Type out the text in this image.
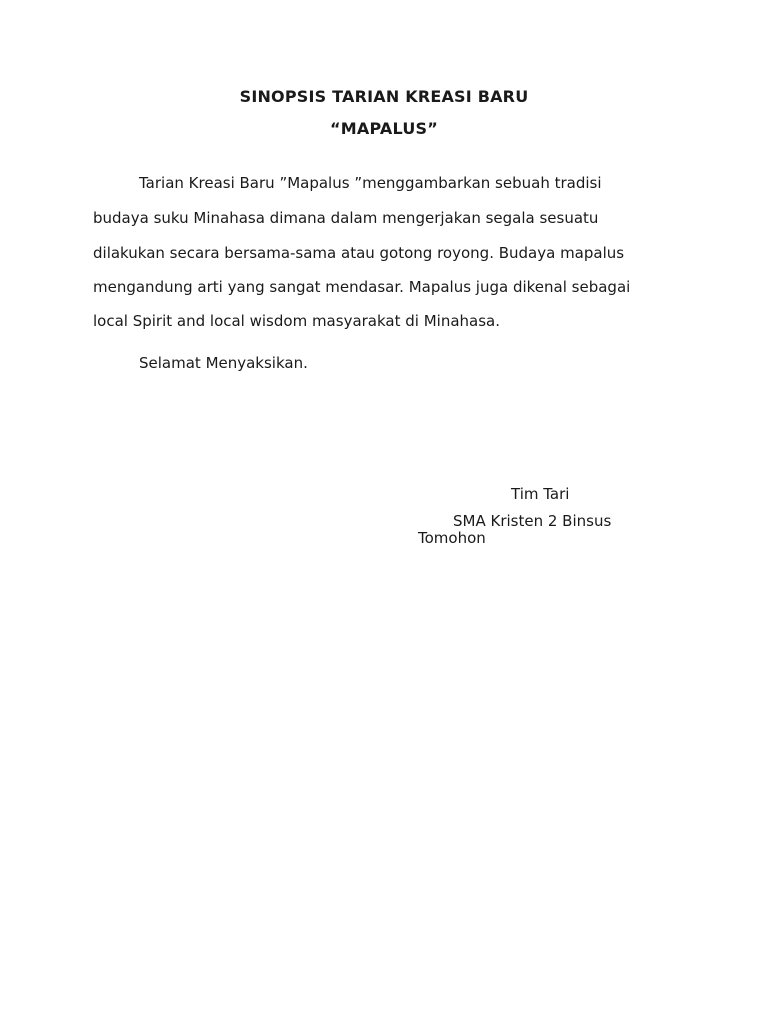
SINOPSIS TARIAN KREASI BARU
“MAPALUS”
Tarian Kreasi Baru ”Mapalus ”menggambarkan sebuah tradisi
budaya suku Minahasa dimana dalam mengerjakan segala sesuatu
dilakukan secara bersama-sama atau gotong royong. Budaya mapalus
mengandung arti yang sangat mendasar. Mapalus juga dikenal sebagai
local Spirit and local wisdom masyarakat di Minahasa.
Selamat Menyaksikan.
Tim Tari
SMA Kristen 2 Binsus
Tomohon
